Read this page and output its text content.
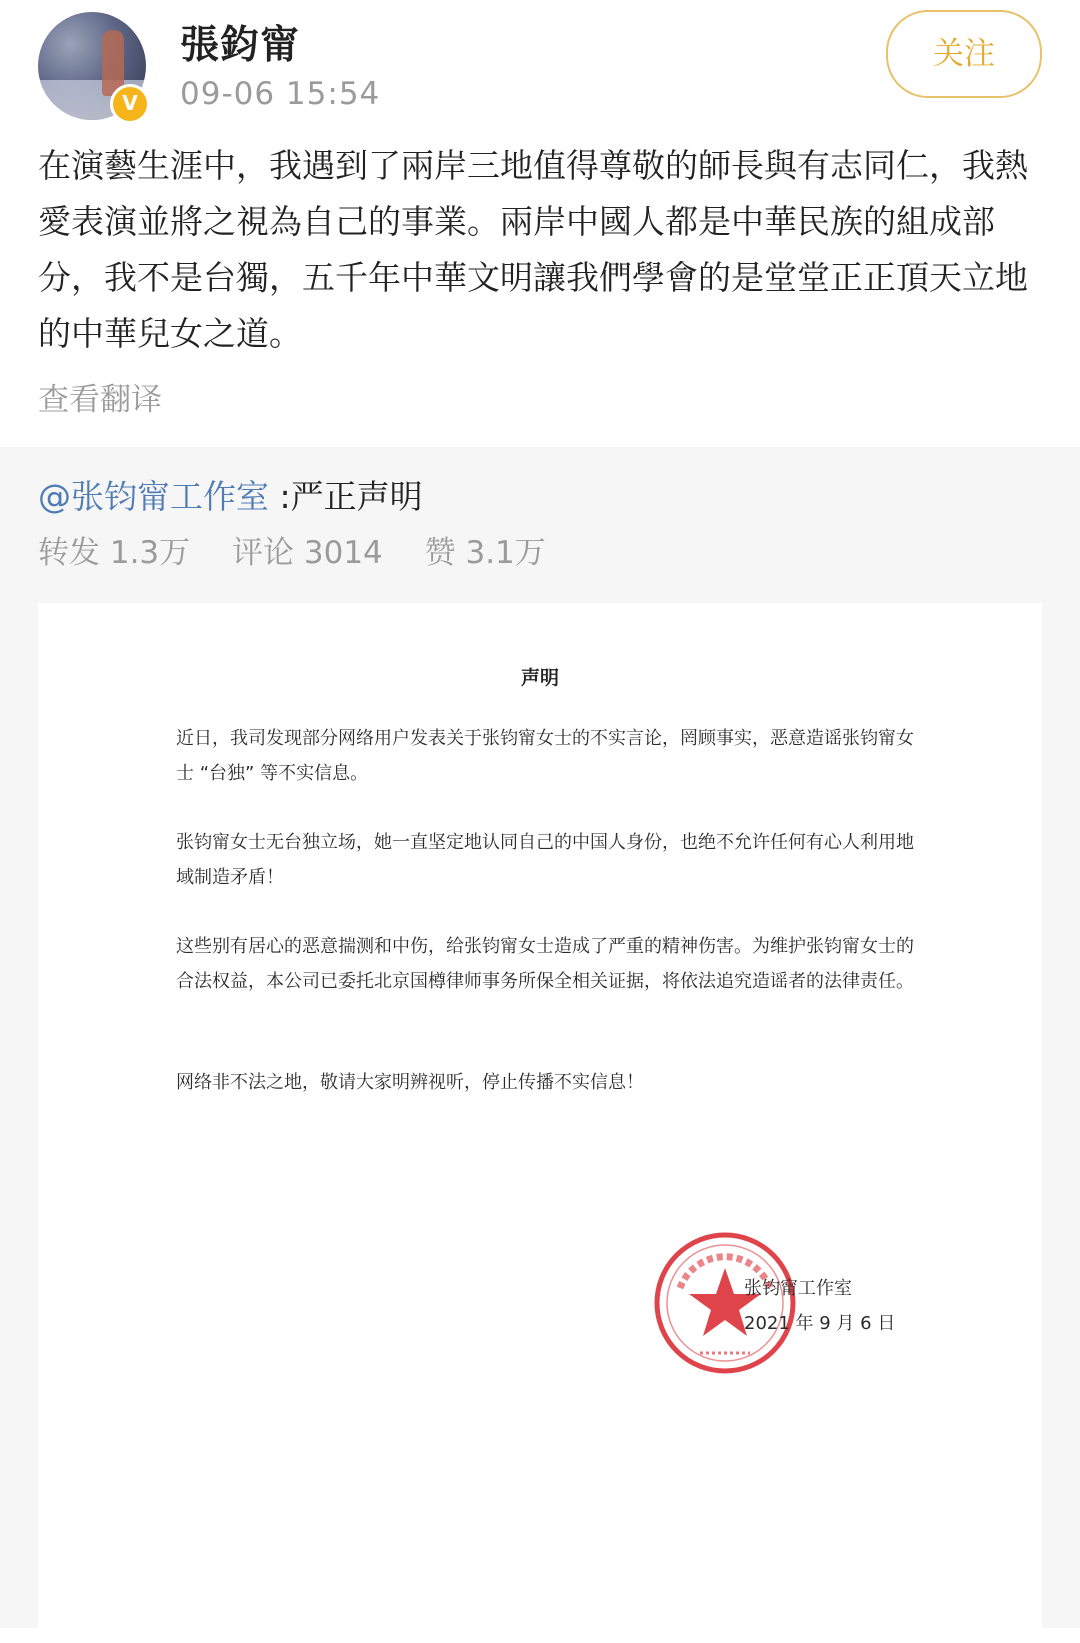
V
張鈞甯
09-06 15:54
关注
在演藝生涯中，我遇到了兩岸三地值得尊敬的師長與有志同仁，我熱愛表演並將之視為自己的事業。兩岸中國人都是中華民族的組成部分，我不是台獨，五千年中華文明讓我們學會的是堂堂正正頂天立地的中華兒女之道。
查看翻译
@张钧甯工作室 :严正声明
转发 1.3万 评论 3014 赞 3.1万
声明
近日，我司发现部分网络用户发表关于张钧甯女士的不实言论，罔顾事实，恶意造谣张钧甯女士 “台独” 等不实信息。
张钧甯女士无台独立场，她一直坚定地认同自己的中国人身份，也绝不允许任何有心人利用地域制造矛盾！
这些别有居心的恶意揣测和中伤，给张钧甯女士造成了严重的精神伤害。为维护张钧甯女士的合法权益，本公司已委托北京国樽律师事务所保全相关证据，将依法追究造谣者的法律责任。
网络非不法之地，敬请大家明辨视听，停止传播不实信息！
张钧甯工作室
2021 年 9 月 6 日
